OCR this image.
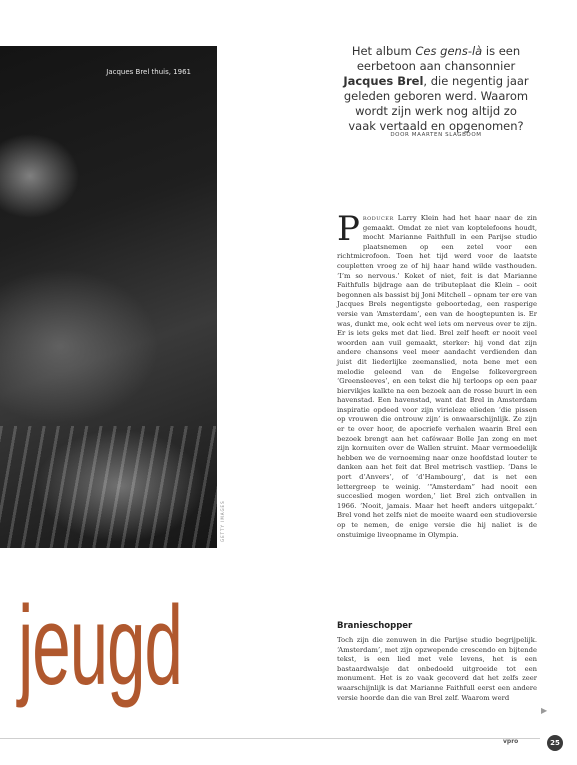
Jacques Brel thuis, 1961
GETTY IMAGES
jeugd
Het album Ces gens-là is een eerbetoon aan chansonnier Jacques Brel, die negentig jaar geleden geboren werd. Waarom wordt zijn werk nog altijd zo vaak vertaald en opgenomen?
DOOR MAARTEN SLAGBOOM

Producer Larry Klein had het haar naar de zin gemaakt. Omdat ze niet van koptelefoons houdt, mocht Marianne Faithfull in een Parijse studio plaatsnemen op een zetel voor een richtmicrofoon. Toen het tijd werd voor de laatste coupletten vroeg ze of hij haar hand wilde vasthouden. ‘I’m so nervous.’ Koket of niet, feit is dat Marianne Faithfulls bijdrage aan de tributeplaat die Klein – ooit begonnen als bassist bij Joni Mitchell – opnam ter ere van Jacques Brels negentigste geboortedag, een rasperige versie van ‘Amsterdam’, een van de hoogtepunten is. Er was, dunkt me, ook echt wel iets om nerveus over te zijn. Er is iets geks met dat lied. Brel zelf heeft er nooit veel woorden aan vuil gemaakt, sterker: hij vond dat zijn andere chansons veel meer aandacht verdienden dan juist dit liederlijke zeemanslied, nota bene met een melodie geleend van de Engelse folkevergreen ‘Greensleeves’, en een tekst die hij terloops op een paar biervikjes kalkte na een bezoek aan de rosse buurt in een havenstad. Een havenstad, want dat Brel in Amsterdam inspiratie opdeed voor zijn virieleze elieden ‘die pissen op vrouwen die ontrouw zijn’ is onwaarschijnlijk. Ze zijn er te over hoor, de apocriefe verhalen waarin Brel een bezoek brengt aan het caféwaar Bolle Jan zong en met zijn kornuiten over de Wallen struint. Maar vermoedelijk hebben we de vernoeming naar onze hoofdstad louter te danken aan het feit dat Brel metrisch vastliep. ‘Dans le port d’Anvers’, of ‘d’Hambourg’, dat is net een lettergreep te weinig. ‘“Amsterdam” had nooit een succeslied mogen worden,’ liet Brel zich ontvallen in 1966. ‘Nooit, jamais. Maar het heeft anders uitgepakt.’ Brel vond het zelfs niet de moeite waard een studioversie op te nemen, de enige versie die hij naliet is de onstuimige liveopname in Olympia.

Branieschopper

Toch zijn die zenuwen in die Parijse studio begrijpelijk. ‘Amsterdam’, met zijn opzwepende crescendo en bijtende tekst, is een lied met vele levens, het is een bastaardwalsje dat onbedoeld uitgroeide tot een monument. Het is zo vaak gecoverd dat het zelfs zeer waarschijnlijk is dat Marianne Faithfull eerst een andere versie hoorde dan die van Brel zelf. Waarom werd

▶
vpro	25
